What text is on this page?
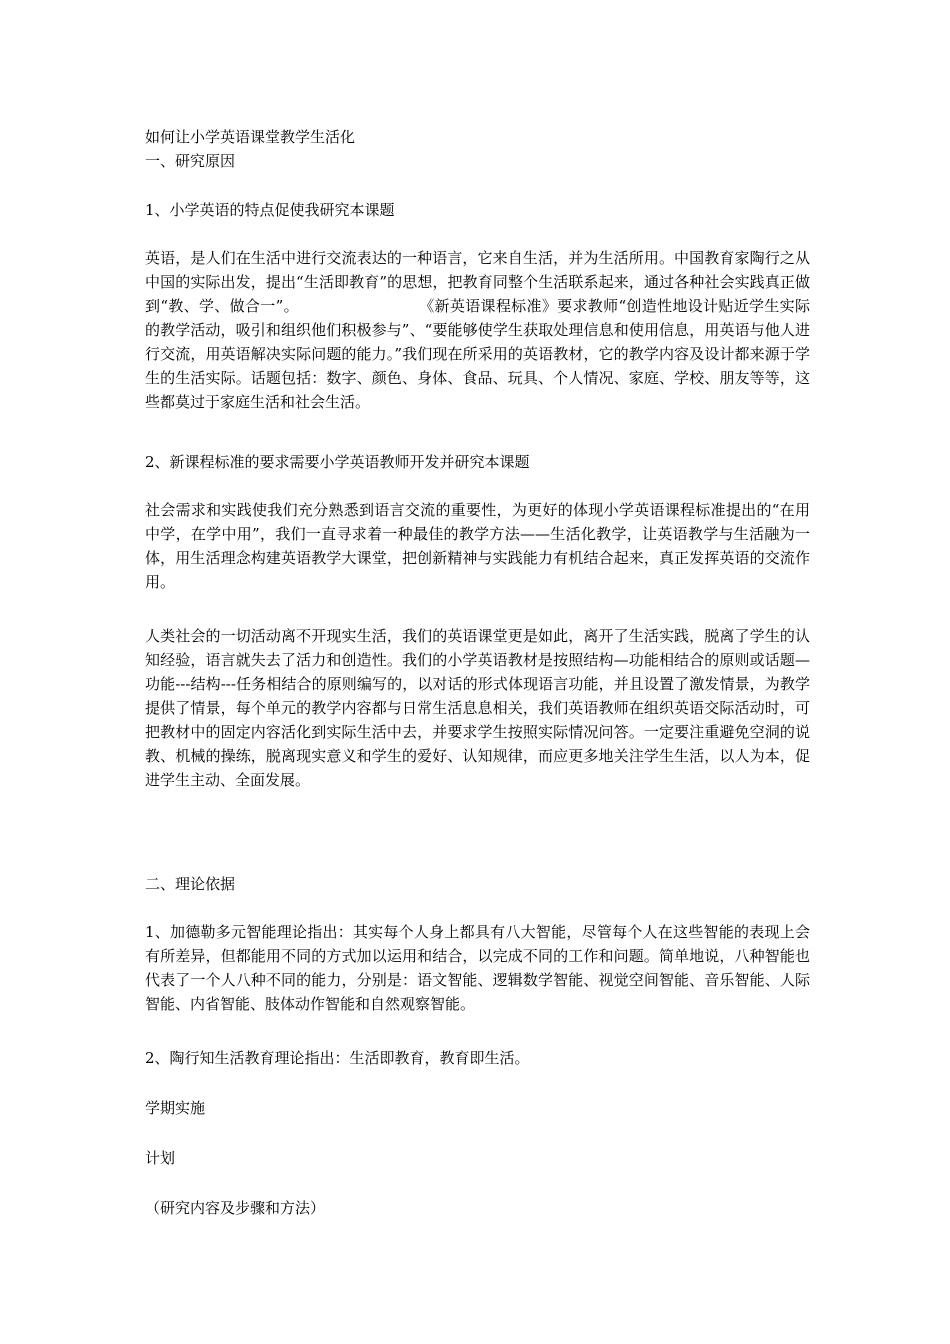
如何让小学英语课堂教学生活化

一、研究原因

1、小学英语的特点促使我研究本课题

英语，是人们在生活中进行交流表达的一种语言，它来自生活，并为生活所用。中国教育家陶行之从中国的实际出发，提出“生活即教育”的思想，把教育同整个生活联系起来，通过各种社会实践真正做到“教、学、做合一”。	《新英语课程标准》要求教师“创造性地设计贴近学生实际的教学活动，吸引和组织他们积极参与”、“要能够使学生获取处理信息和使用信息，用英语与他人进行交流，用英语解决实际问题的能力。”我们现在所采用的英语教材，它的教学内容及设计都来源于学生的生活实际。话题包括：数字、颜色、身体、食品、玩具、个人情况、家庭、学校、朋友等等，这些都莫过于家庭生活和社会生活。

2、新课程标准的要求需要小学英语教师开发并研究本课题

社会需求和实践使我们充分熟悉到语言交流的重要性，为更好的体现小学英语课程标准提出的“在用中学，在学中用”，我们一直寻求着一种最佳的教学方法——生活化教学，让英语教学与生活融为一体，用生活理念构建英语教学大课堂，把创新精神与实践能力有机结合起来，真正发挥英语的交流作用。

人类社会的一切活动离不开现实生活，我们的英语课堂更是如此，离开了生活实践，脱离了学生的认知经验，语言就失去了活力和创造性。我们的小学英语教材是按照结构—功能相结合的原则或话题—功能---结构---任务相结合的原则编写的，以对话的形式体现语言功能，并且设置了激发情景，为教学提供了情景，每个单元的教学内容都与日常生活息息相关，我们英语教师在组织英语交际活动时，可把教材中的固定内容活化到实际生活中去，并要求学生按照实际情况问答。一定要注重避免空洞的说教、机械的操练，脱离现实意义和学生的爱好、认知规律，而应更多地关注学生生活，以人为本，促进学生主动、全面发展。

二、理论依据

1、加德勒多元智能理论指出：其实每个人身上都具有八大智能，尽管每个人在这些智能的表现上会有所差异，但都能用不同的方式加以运用和结合，以完成不同的工作和问题。简单地说，八种智能也代表了一个人八种不同的能力，分别是：语文智能、逻辑数学智能、视觉空间智能、音乐智能、人际智能、内省智能、肢体动作智能和自然观察智能。

2、陶行知生活教育理论指出：生活即教育，教育即生活。

学期实施

计划

（研究内容及步骤和方法）
